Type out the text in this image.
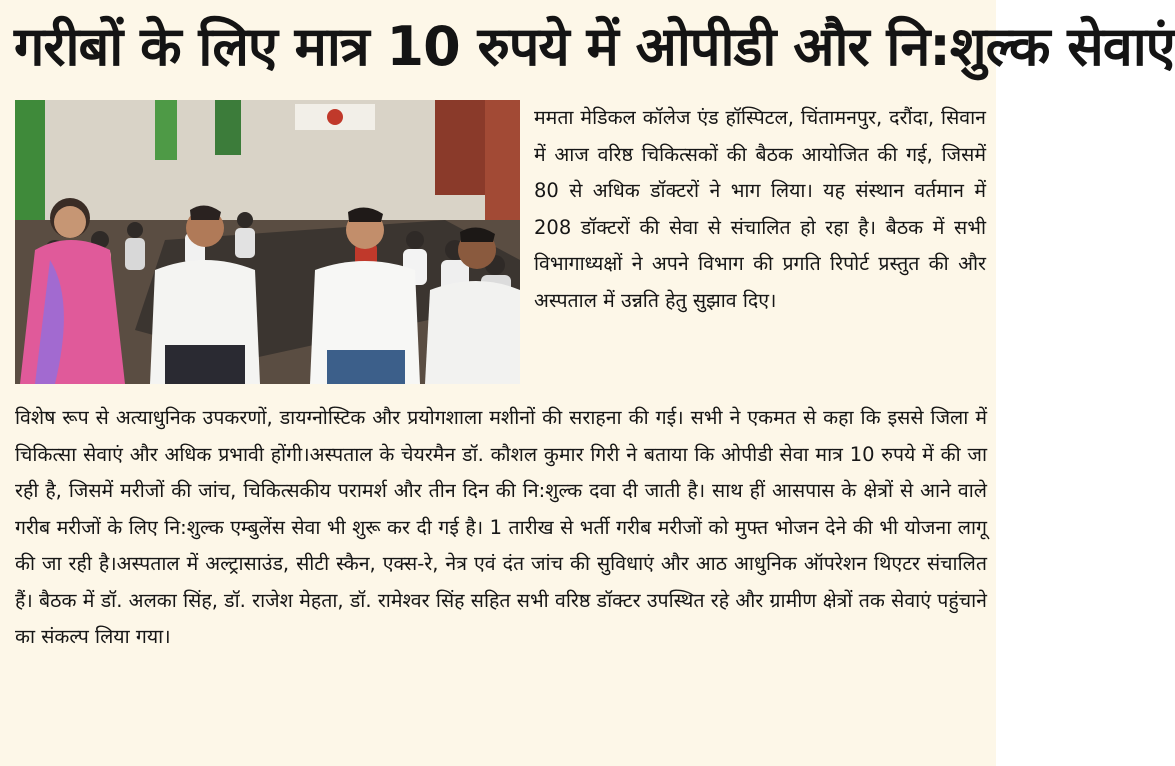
गरीबों के लिए मात्र 10 रुपये में ओपीडी और नि:शुल्क सेवाएं

ममता मेडिकल कॉलेज एंड हॉस्पिटल, चिंतामनपुर, दरौंदा, सिवान में आज वरिष्ठ चिकित्सकों की बैठक आयोजित की गई, जिसमें 80 से अधिक डॉक्टरों ने भाग लिया। यह संस्थान वर्तमान में 208 डॉक्टरों की सेवा से संचालित हो रहा है। बैठक में सभी विभागाध्यक्षों ने अपने विभाग की प्रगति रिपोर्ट प्रस्तुत की और अस्पताल में उन्नति हेतु सुझाव दिए।

विशेष रूप से अत्याधुनिक उपकरणों, डायग्नोस्टिक और प्रयोगशाला मशीनों की सराहना की गई। सभी ने एकमत से कहा कि इससे जिला में चिकित्सा सेवाएं और अधिक प्रभावी होंगी।अस्पताल के चेयरमैन डॉ. कौशल कुमार गिरी ने बताया कि ओपीडी सेवा मात्र 10 रुपये में की जा रही है, जिसमें मरीजों की जांच, चिकित्सकीय परामर्श और तीन दिन की नि:शुल्क दवा दी जाती है। साथ हीं आसपास के क्षेत्रों से आने वाले गरीब मरीजों के लिए नि:शुल्क एम्बुलेंस सेवा भी शुरू कर दी गई है। 1 तारीख से भर्ती गरीब मरीजों को मुफ्त भोजन देने की भी योजना लागू की जा रही है।अस्पताल में अल्ट्रासाउंड, सीटी स्कैन, एक्स-रे, नेत्र एवं दंत जांच की सुविधाएं और आठ आधुनिक ऑपरेशन थिएटर संचालित हैं। बैठक में डॉ. अलका सिंह, डॉ. राजेश मेहता, डॉ. रामेश्वर सिंह सहित सभी वरिष्ठ डॉक्टर उपस्थित रहे और ग्रामीण क्षेत्रों तक सेवाएं पहुंचाने का संकल्प लिया गया।
